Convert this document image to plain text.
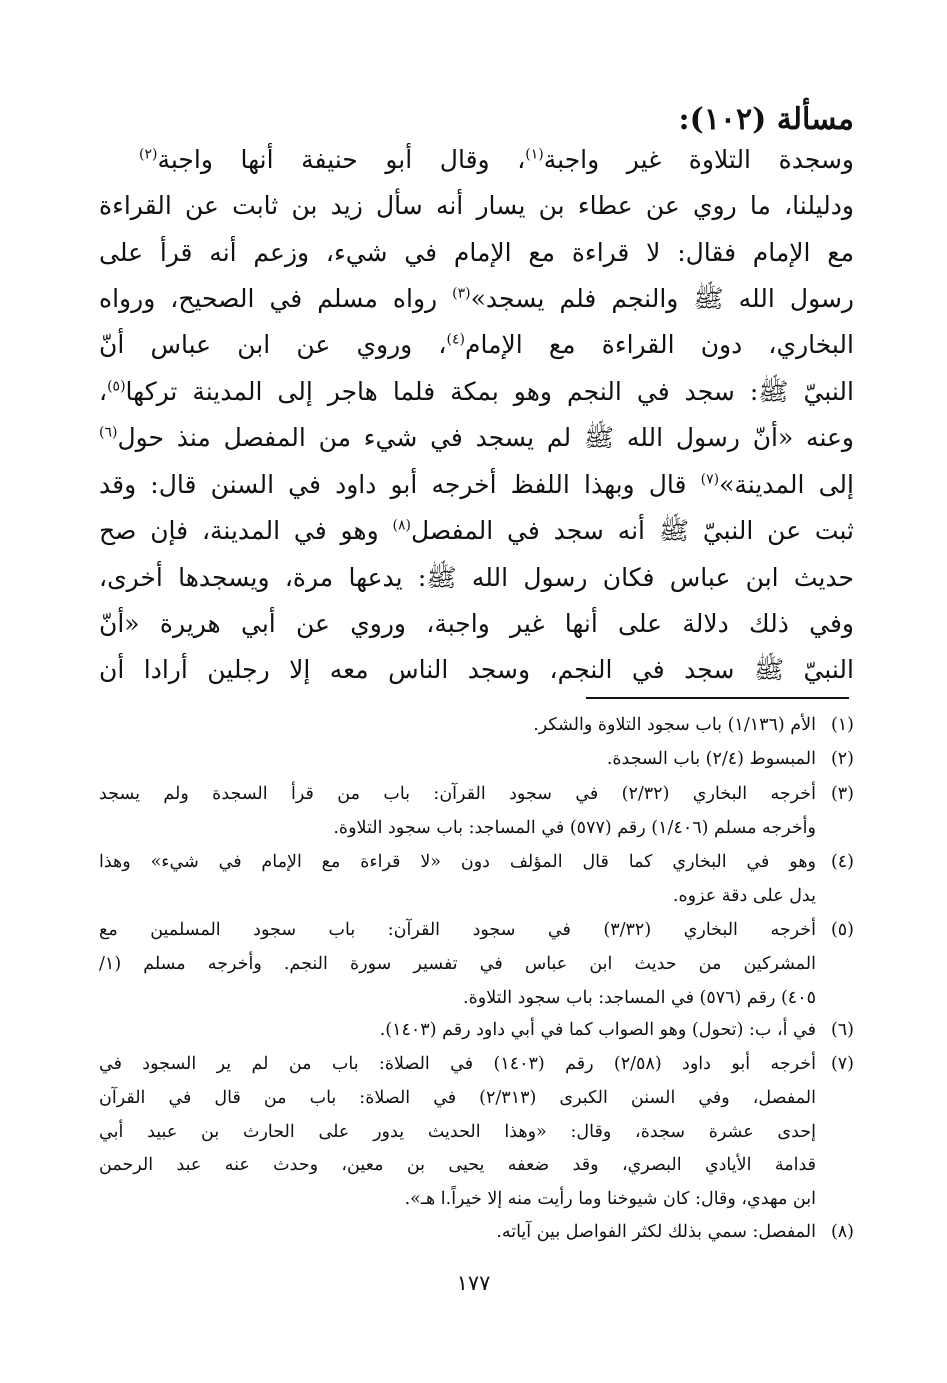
مسألة (١٠٢):
وسجدة التلاوة غير واجبة$^{(١)}$، وقال أبو حنيفة أنها واجبة$^{(٢)}$
ودليلنا، ما روي عن عطاء بن يسار أنه سأل زيد بن ثابت عن القراءة
مع الإمام فقال: لا قراءة مع الإمام في شيء، وزعم أنه قرأ على
رسول الله ﷺ والنجم فلم يسجد»$^{(٣)}$ رواه مسلم في الصحيح، ورواه
البخاري، دون القراءة مع الإمام$^{(٤)}$، وروي عن ابن عباس أنّ
النبيّ ﷺ: سجد في النجم وهو بمكة فلما هاجر إلى المدينة تركها$^{(٥)}$،
وعنه «أنّ رسول الله ﷺ لم يسجد في شيء من المفصل منذ حول$^{(٦)}$
إلى المدينة»$^{(٧)}$ قال وبهذا اللفظ أخرجه أبو داود في السنن قال: وقد
ثبت عن النبيّ ﷺ أنه سجد في المفصل$^{(٨)}$ وهو في المدينة، فإن صح
حديث ابن عباس فكان رسول الله ﷺ: يدعها مرة، ويسجدها أخرى،
وفي ذلك دلالة على أنها غير واجبة، وروي عن أبي هريرة «أنّ
النبيّ ﷺ سجد في النجم، وسجد الناس معه إلا رجلين أرادا أن
(١)
الأم (١/١٣٦) باب سجود التلاوة والشكر.
(٢)
المبسوط (٢/٤) باب السجدة.
(٣)
أخرجه البخاري (٢/٣٢) في سجود القرآن: باب من قرأ السجدة ولم يسجد
وأخرجه مسلم (١/٤٠٦) رقم (٥٧٧) في المساجد: باب سجود التلاوة.
(٤)
وهو في البخاري كما قال المؤلف دون «لا قراءة مع الإمام في شيء» وهذا
يدل على دقة عزوه.
(٥)
أخرجه البخاري (٣/٣٢) في سجود القرآن: باب سجود المسلمين مع
المشركين من حديث ابن عباس في تفسير سورة النجم. وأخرجه مسلم (١/
٤٠٥) رقم (٥٧٦) في المساجد: باب سجود التلاوة.
(٦)
في أ، ب: (تحول) وهو الصواب كما في أبي داود رقم (١٤٠٣).
(٧)
أخرجه أبو داود (٢/٥٨) رقم (١٤٠٣) في الصلاة: باب من لم ير السجود في
المفصل، وفي السنن الكبرى (٢/٣١٣) في الصلاة: باب من قال في القرآن
إحدى عشرة سجدة، وقال: «وهذا الحديث يدور على الحارث بن عبيد أبي
قدامة الأيادي البصري، وقد ضعفه يحيى بن معين، وحدث عنه عبد الرحمن
ابن مهدي، وقال: كان شيوخنا وما رأيت منه إلا خيراً.ا هـ».
(٨)
المفصل: سمي بذلك لكثر الفواصل بين آياته.
١٧٧
